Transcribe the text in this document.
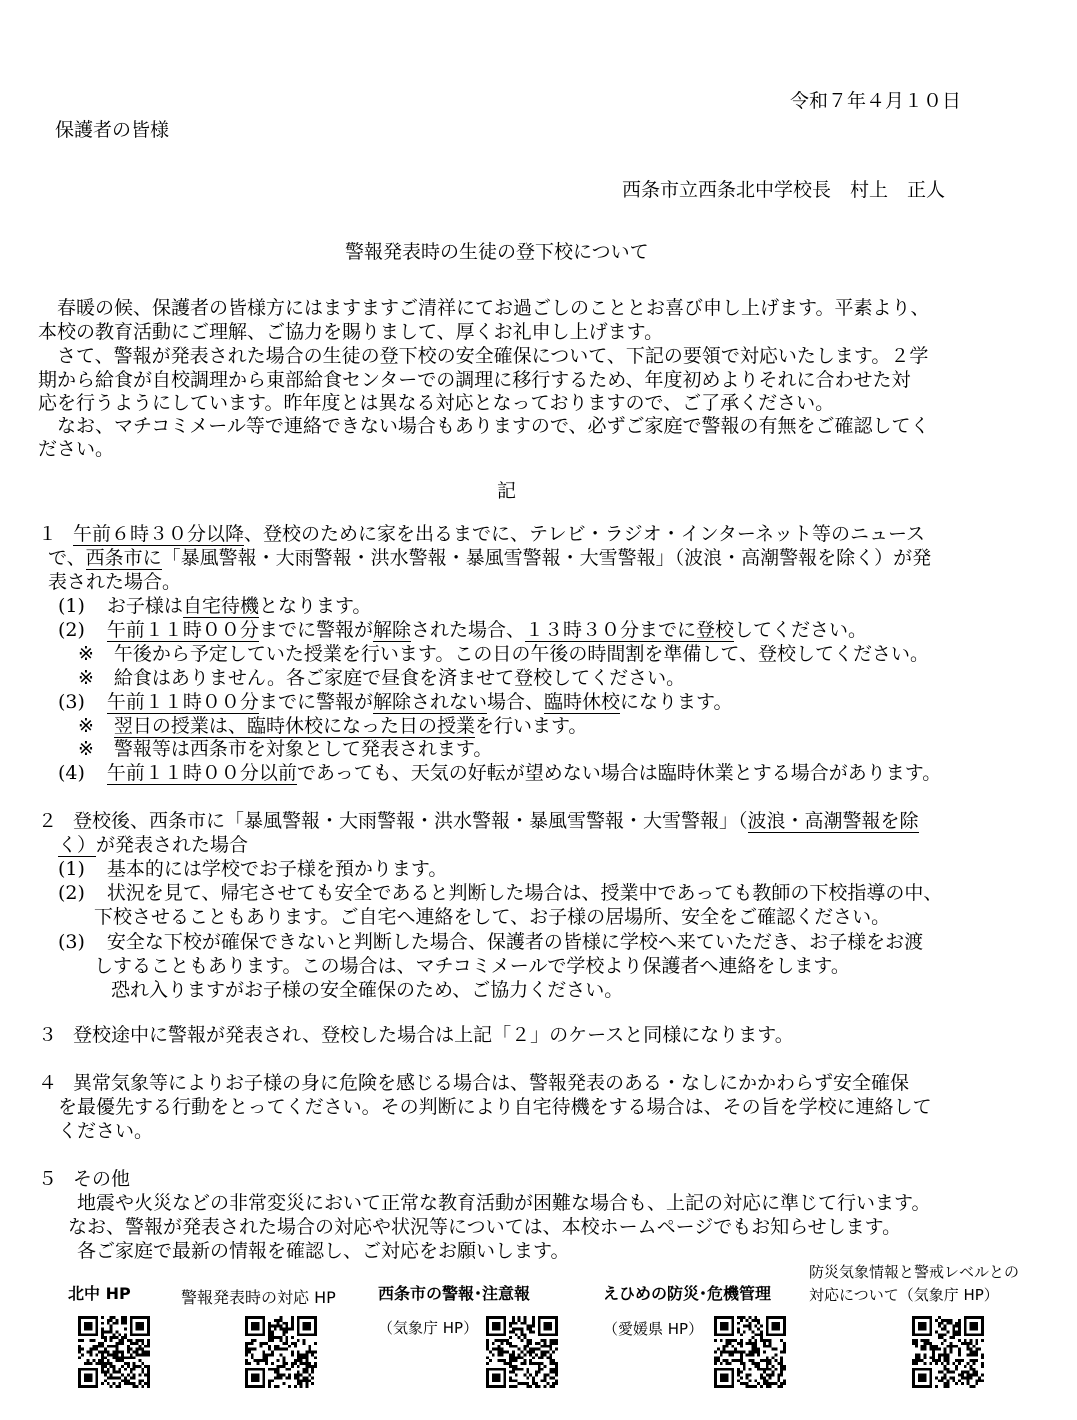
令和７年４月１０日
保護者の皆様
西条市立西条北中学校長　村上　正人
警報発表時の生徒の登下校について
春暖の候、保護者の皆様方にはますますご清祥にてお過ごしのこととお喜び申し上げます。平素より、
本校の教育活動にご理解、ご協力を賜りまして、厚くお礼申し上げます。
さて、警報が発表された場合の生徒の登下校の安全確保について、下記の要領で対応いたします。２学
期から給食が自校調理から東部給食センターでの調理に移行するため、年度初めよりそれに合わせた対
応を行うようにしています。昨年度とは異なる対応となっておりますので、ご了承ください。
なお、マチコミメール等で連絡できない場合もありますので、必ずご家庭で警報の有無をご確認してく
ださい。
記
１ 午前６時３０分以降、登校のために家を出るまでに、テレビ・ラジオ・インターネット等のニュース
で、西条市に「暴風警報・大雨警報・洪水警報・暴風雪警報・大雪警報」（波浪・高潮警報を除く）が発
表された場合。
(1) お子様は自宅待機となります。
(2) 午前１１時００分までに警報が解除された場合、１３時３０分までに登校してください。
※ 午後から予定していた授業を行います。この日の午後の時間割を準備して、登校してください。
※ 給食はありません。各ご家庭で昼食を済ませて登校してください。
(3) 午前１１時００分までに警報が解除されない場合、臨時休校になります。
※ 翌日の授業は、臨時休校になった日の授業を行います。
※ 警報等は西条市を対象として発表されます。
(4) 午前１１時００分以前であっても、天気の好転が望めない場合は臨時休業とする場合があります。
２ 登校後、西条市に「暴風警報・大雨警報・洪水警報・暴風雪警報・大雪警報」（波浪・高潮警報を除
く）が発表された場合
(1) 基本的には学校でお子様を預かります。
(2) 状況を見て、帰宅させても安全であると判断した場合は、授業中であっても教師の下校指導の中、
下校させることもあります。ご自宅へ連絡をして、お子様の居場所、安全をご確認ください。
(3) 安全な下校が確保できないと判断した場合、保護者の皆様に学校へ来ていただき、お子様をお渡
しすることもあります。この場合は、マチコミメールで学校より保護者へ連絡をします。
恐れ入りますがお子様の安全確保のため、ご協力ください。
３ 登校途中に警報が発表され、登校した場合は上記「２」のケースと同様になります。
４ 異常気象等によりお子様の身に危険を感じる場合は、警報発表のある・なしにかかわらず安全確保
を最優先する行動をとってください。その判断により自宅待機をする場合は、その旨を学校に連絡して
ください。
５ その他
地震や火災などの非常変災において正常な教育活動が困難な場合も、上記の対応に準じて行います。
なお、警報が発表された場合の対応や状況等については、本校ホームページでもお知らせします。
各ご家庭で最新の情報を確認し、ご対応をお願いします。
北中 HP	警報発表時の対応 HP	西条市の警報･注意報
（気象庁 HP）
えひめの防災･危機管理
（愛媛県 HP）
防災気象情報と警戒レベルとの
対応について（気象庁 HP）
